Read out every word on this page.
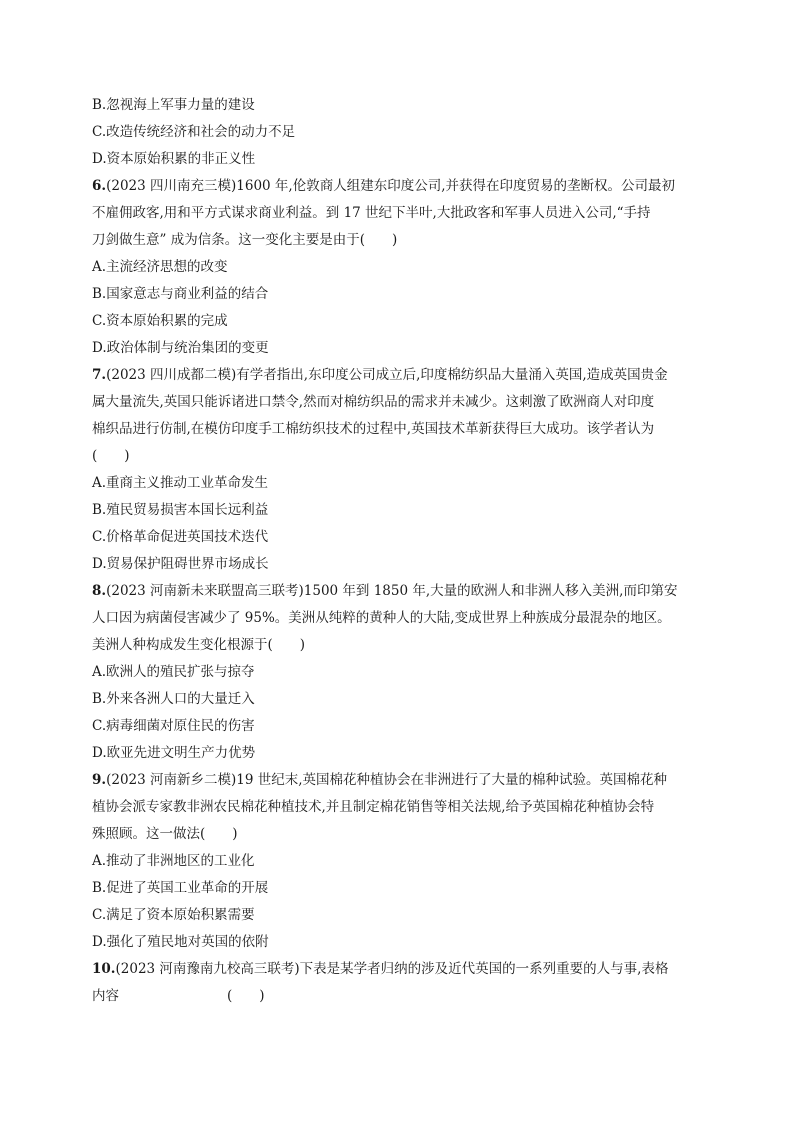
B.忽视海上军事力量的建设
C.改造传统经济和社会的动力不足
D.资本原始积累的非正义性
6.(2023 四川南充三模)1600 年,伦敦商人组建东印度公司,并获得在印度贸易的垄断权。公司最初
不雇佣政客,用和平方式谋求商业利益。到 17 世纪下半叶,大批政客和军事人员进入公司,“手持
刀剑做生意” 成为信条。这一变化主要是由于(　　)
A.主流经济思想的改变
B.国家意志与商业利益的结合
C.资本原始积累的完成
D.政治体制与统治集团的变更
7.(2023 四川成都二模)有学者指出,东印度公司成立后,印度棉纺织品大量涌入英国,造成英国贵金
属大量流失,英国只能诉诸进口禁令,然而对棉纺织品的需求并未减少。这刺激了欧洲商人对印度
棉织品进行仿制,在模仿印度手工棉纺织技术的过程中,英国技术革新获得巨大成功。该学者认为
(　　)
A.重商主义推动工业革命发生
B.殖民贸易损害本国长远利益
C.价格革命促进英国技术迭代
D.贸易保护阻碍世界市场成长
8.(2023 河南新未来联盟高三联考)1500 年到 1850 年,大量的欧洲人和非洲人移入美洲,而印第安
人口因为病菌侵害减少了 95%。美洲从纯粹的黄种人的大陆,变成世界上种族成分最混杂的地区。
美洲人种构成发生变化根源于(　　)
A.欧洲人的殖民扩张与掠夺
B.外来各洲人口的大量迁入
C.病毒细菌对原住民的伤害
D.欧亚先进文明生产力优势
9.(2023 河南新乡二模)19 世纪末,英国棉花种植协会在非洲进行了大量的棉种试验。英国棉花种
植协会派专家教非洲农民棉花种植技术,并且制定棉花销售等相关法规,给予英国棉花种植协会特
殊照顾。这一做法(　　)
A.推动了非洲地区的工业化
B.促进了英国工业革命的开展
C.满足了资本原始积累需要
D.强化了殖民地对英国的依附
10.(2023 河南豫南九校高三联考)下表是某学者归纳的涉及近代英国的一系列重要的人与事,表格
内容　　　　　　　　(　　)
